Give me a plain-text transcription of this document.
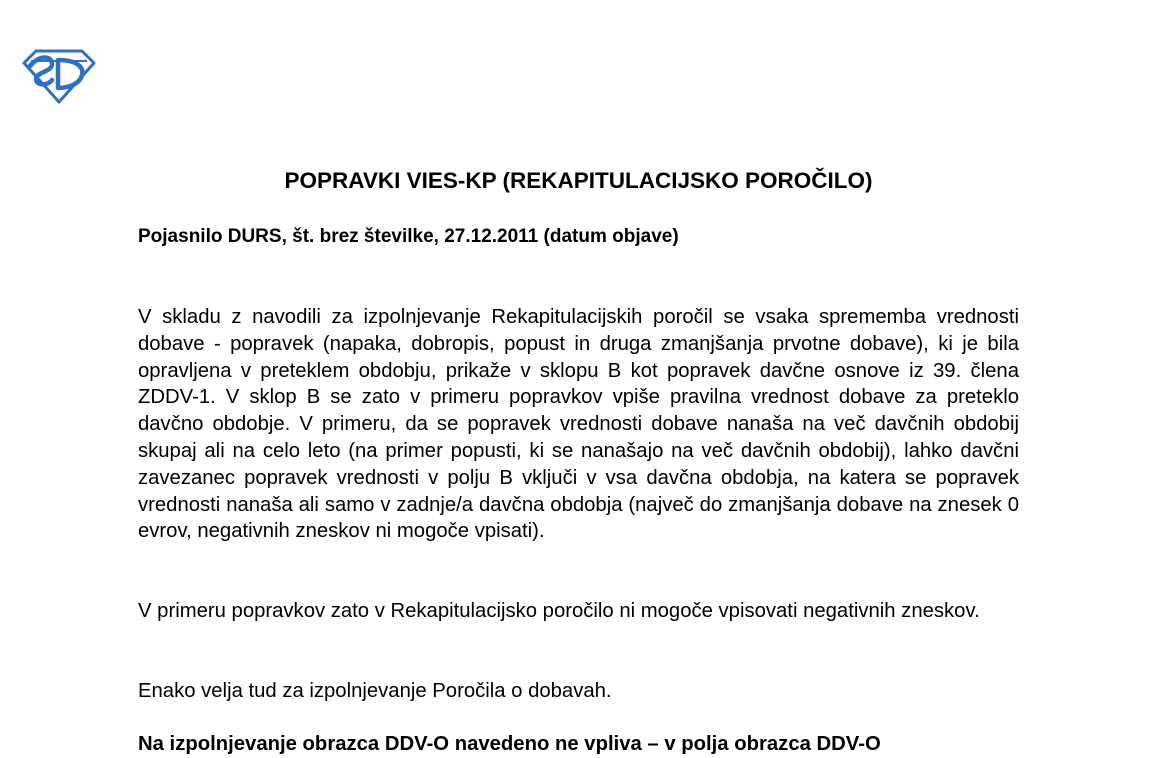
POPRAVKI VIES-KP (REKAPITULACIJSKO POROČILO)

Pojasnilo DURS, št. brez številke, 27.12.2011 (datum objave)

V skladu z navodili za izpolnjevanje Rekapitulacijskih poročil se vsaka sprememba vrednosti dobave - popravek (napaka, dobropis, popust in druga zmanjšanja prvotne dobave), ki je bila opravljena v preteklem obdobju, prikaže v sklopu B kot popravek davčne osnove iz 39. člena ZDDV-1. V sklop B se zato v primeru popravkov vpiše pravilna vrednost dobave za preteklo davčno obdobje. V primeru, da se popravek vrednosti dobave nanaša na več davčnih obdobij skupaj ali na celo leto (na primer popusti, ki se nanašajo na več davčnih obdobij), lahko davčni zavezanec popravek vrednosti v polju B vključi v vsa davčna obdobja, na katera se popravek vrednosti nanaša ali samo v zadnje/a davčna obdobja (največ do zmanjšanja dobave na znesek 0 evrov, negativnih zneskov ni mogoče vpisati).

V primeru popravkov zato v Rekapitulacijsko poročilo ni mogoče vpisovati negativnih zneskov.

Enako velja tud za izpolnjevanje Poročila o dobavah.

Na izpolnjevanje obrazca DDV-O navedeno ne vpliva – v polja obrazca DDV-O
